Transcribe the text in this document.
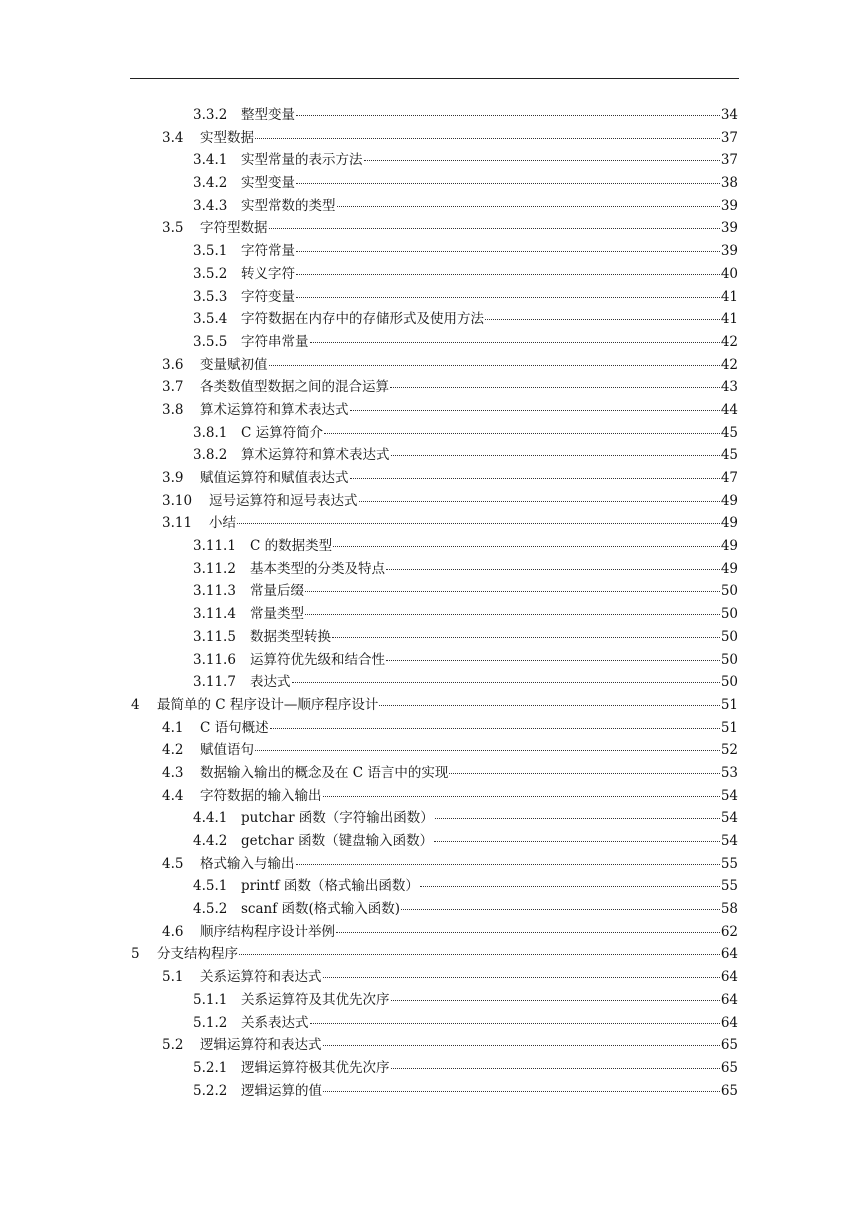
3.3.2	整型变量	34
3.4	实型数据	37
3.4.1	实型常量的表示方法	37
3.4.2	实型变量	38
3.4.3	实型常数的类型	39
3.5	字符型数据	39
3.5.1	字符常量	39
3.5.2	转义字符	40
3.5.3	字符变量	41
3.5.4	字符数据在内存中的存储形式及使用方法	41
3.5.5	字符串常量	42
3.6	变量赋初值	42
3.7	各类数值型数据之间的混合运算	43
3.8	算术运算符和算术表达式	44
3.8.1	C 运算符简介	45
3.8.2	算术运算符和算术表达式	45
3.9	赋值运算符和赋值表达式	47
3.10	逗号运算符和逗号表达式	49
3.11	小结	49
3.11.1	C 的数据类型	49
3.11.2	基本类型的分类及特点	49
3.11.3	常量后缀	50
3.11.4	常量类型	50
3.11.5	数据类型转换	50
3.11.6	运算符优先级和结合性	50
3.11.7	表达式	50
4	最简单的 C 程序设计—顺序程序设计	51
4.1	C 语句概述	51
4.2	赋值语句	52
4.3	数据输入输出的概念及在 C 语言中的实现	53
4.4	字符数据的输入输出	54
4.4.1	putchar 函数（字符输出函数）	54
4.4.2	getchar 函数（键盘输入函数）	54
4.5	格式输入与输出	55
4.5.1	printf 函数（格式输出函数）	55
4.5.2	scanf 函数(格式输入函数)	58
4.6	顺序结构程序设计举例	62
5	分支结构程序	64
5.1	关系运算符和表达式	64
5.1.1	关系运算符及其优先次序	64
5.1.2	关系表达式	64
5.2	逻辑运算符和表达式	65
5.2.1	逻辑运算符极其优先次序	65
5.2.2	逻辑运算的值	65
